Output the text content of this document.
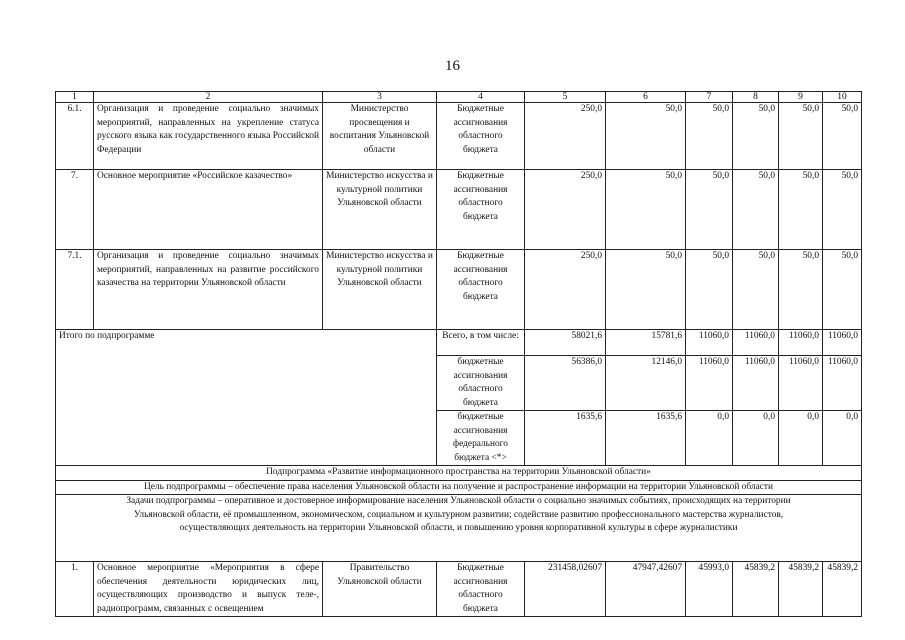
16
1	2	3	4	5	6	7	8	9	10
6.1.	Организация и проведение социально значимых мероприятий, направленных на укрепление статуса русского языка как государственного языка Российской Федерации	Министерство просвещения и воспитания Ульяновской области	Бюджетные ассигнования областного бюджета	250,0	50,0	50,0	50,0	50,0	50,0
7.	Основное мероприятие «Российское казачество»	Министерство искусства и культурной политики Ульяновской области	Бюджетные ассигнования областного бюджета	250,0	50,0	50,0	50,0	50,0	50,0
7.1.	Организация и проведение социально значимых мероприятий, направленных на развитие российского казачества на территории Ульяновской области	Министерство искусства и культурной политики Ульяновской области	Бюджетные ассигнования областного бюджета	250,0	50,0	50,0	50,0	50,0	50,0
Итого по подпрограмме			Всего, в том числе:	58021,6	15781,6	11060,0	11060,0	11060,0	11060,0
			бюджетные ассигнования областного бюджета	56386,0	12146,0	11060,0	11060,0	11060,0	11060,0
			бюджетные ассигнования федерального бюджета <*>	1635,6	1635,6	0,0	0,0	0,0	0,0
Подпрограмма «Развитие информационного пространства на территории Ульяновской области»									
Цель подпрограммы – обеспечение права населения Ульяновской области на получение и распространение информации на территории Ульяновской области									
Задачи подпрограммы – оперативное и достоверное информирование населения Ульяновской области о социально значимых событиях, происходящих на территории Ульяновской области, её промышленном, экономическом, социальном и культурном развитии; содействие развитию профессионального мастерства журналистов, осуществляющих деятельность на территории Ульяновской области, и повышению уровня корпоративной культуры в сфере журналистики									
1.	Основное мероприятие «Мероприятия в сфере обеспечения деятельности юридических лиц, осуществляющих производство и выпуск теле-, радиопрограмм, связанных с освещением	Правительство Ульяновской области	Бюджетные ассигнования областного бюджета	231458,02607	47947,42607	45993,0	45839,2	45839,2	45839,2
